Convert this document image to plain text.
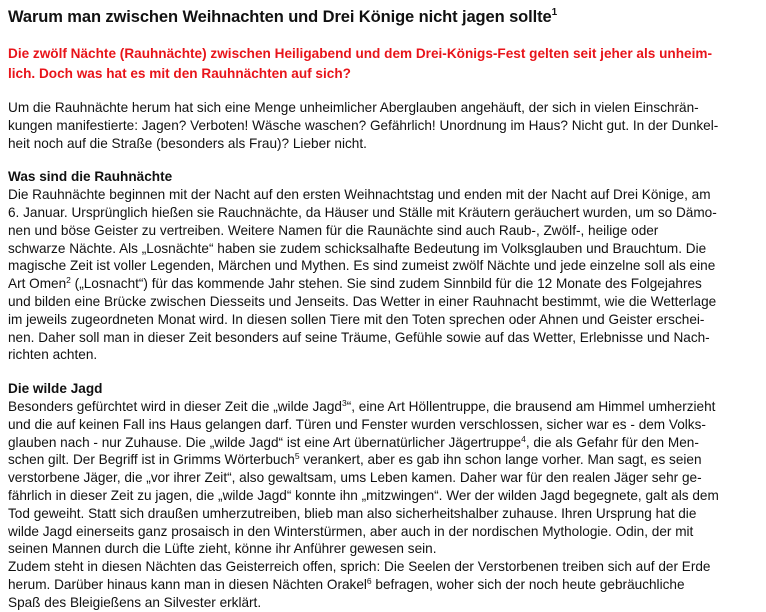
Warum man zwischen Weihnachten und Drei Könige nicht jagen sollte$^1$
Die zwölf Nächte (Rauhnächte) zwischen Heiligabend und dem Drei-Königs-Fest gelten seit jeher als unheim-
lich. Doch was hat es mit den Rauhnächten auf sich?
Um die Rauhnächte herum hat sich eine Menge unheimlicher Aberglauben angehäuft, der sich in vielen Einschrän-
kungen manifestierte: Jagen? Verboten! Wäsche waschen? Gefährlich! Unordnung im Haus? Nicht gut. In der Dunkel-
heit noch auf die Straße (besonders als Frau)? Lieber nicht.
Was sind die Rauhnächte
Die Rauhnächte beginnen mit der Nacht auf den ersten Weihnachtstag und enden mit der Nacht auf Drei Könige, am
6. Januar. Ursprünglich hießen sie Rauchnächte, da Häuser und Ställe mit Kräutern geräuchert wurden, um so Dämo-
nen und böse Geister zu vertreiben. Weitere Namen für die Raunächte sind auch Raub-, Zwölf-, heilige oder
schwarze Nächte. Als „Losnächte“ haben sie zudem schicksalhafte Bedeutung im Volksglauben und Brauchtum. Die
magische Zeit ist voller Legenden, Märchen und Mythen. Es sind zumeist zwölf Nächte und jede einzelne soll als eine
Art Omen$^2$ („Losnacht“) für das kommende Jahr stehen. Sie sind zudem Sinnbild für die 12 Monate des Folgejahres
und bilden eine Brücke zwischen Diesseits und Jenseits. Das Wetter in einer Rauhnacht bestimmt, wie die Wetterlage
im jeweils zugeordneten Monat wird. In diesen sollen Tiere mit den Toten sprechen oder Ahnen und Geister erschei-
nen. Daher soll man in dieser Zeit besonders auf seine Träume, Gefühle sowie auf das Wetter, Erlebnisse und Nach-
richten achten.
Die wilde Jagd
Besonders gefürchtet wird in dieser Zeit die „wilde Jagd$^3$“, eine Art Höllentruppe, die brausend am Himmel umherzieht
und die auf keinen Fall ins Haus gelangen darf. Türen und Fenster wurden verschlossen, sicher war es - dem Volks-
glauben nach - nur Zuhause. Die „wilde Jagd“ ist eine Art übernatürlicher Jägertruppe$^4$, die als Gefahr für den Men-
schen gilt. Der Begriff ist in Grimms Wörterbuch$^5$ verankert, aber es gab ihn schon lange vorher. Man sagt, es seien
verstorbene Jäger, die „vor ihrer Zeit“, also gewaltsam, ums Leben kamen. Daher war für den realen Jäger sehr ge-
fährlich in dieser Zeit zu jagen, die „wilde Jagd“ konnte ihn „mitzwingen“. Wer der wilden Jagd begegnete, galt als dem
Tod geweiht. Statt sich draußen umherzutreiben, blieb man also sicherheitshalber zuhause. Ihren Ursprung hat die
wilde Jagd einerseits ganz prosaisch in den Winterstürmen, aber auch in der nordischen Mythologie. Odin, der mit
seinen Mannen durch die Lüfte zieht, könne ihr Anführer gewesen sein.
Zudem steht in diesen Nächten das Geisterreich offen, sprich: Die Seelen der Verstorbenen treiben sich auf der Erde
herum. Darüber hinaus kann man in diesen Nächten Orakel$^6$ befragen, woher sich der noch heute gebräuchliche
Spaß des Bleigießens an Silvester erklärt.
